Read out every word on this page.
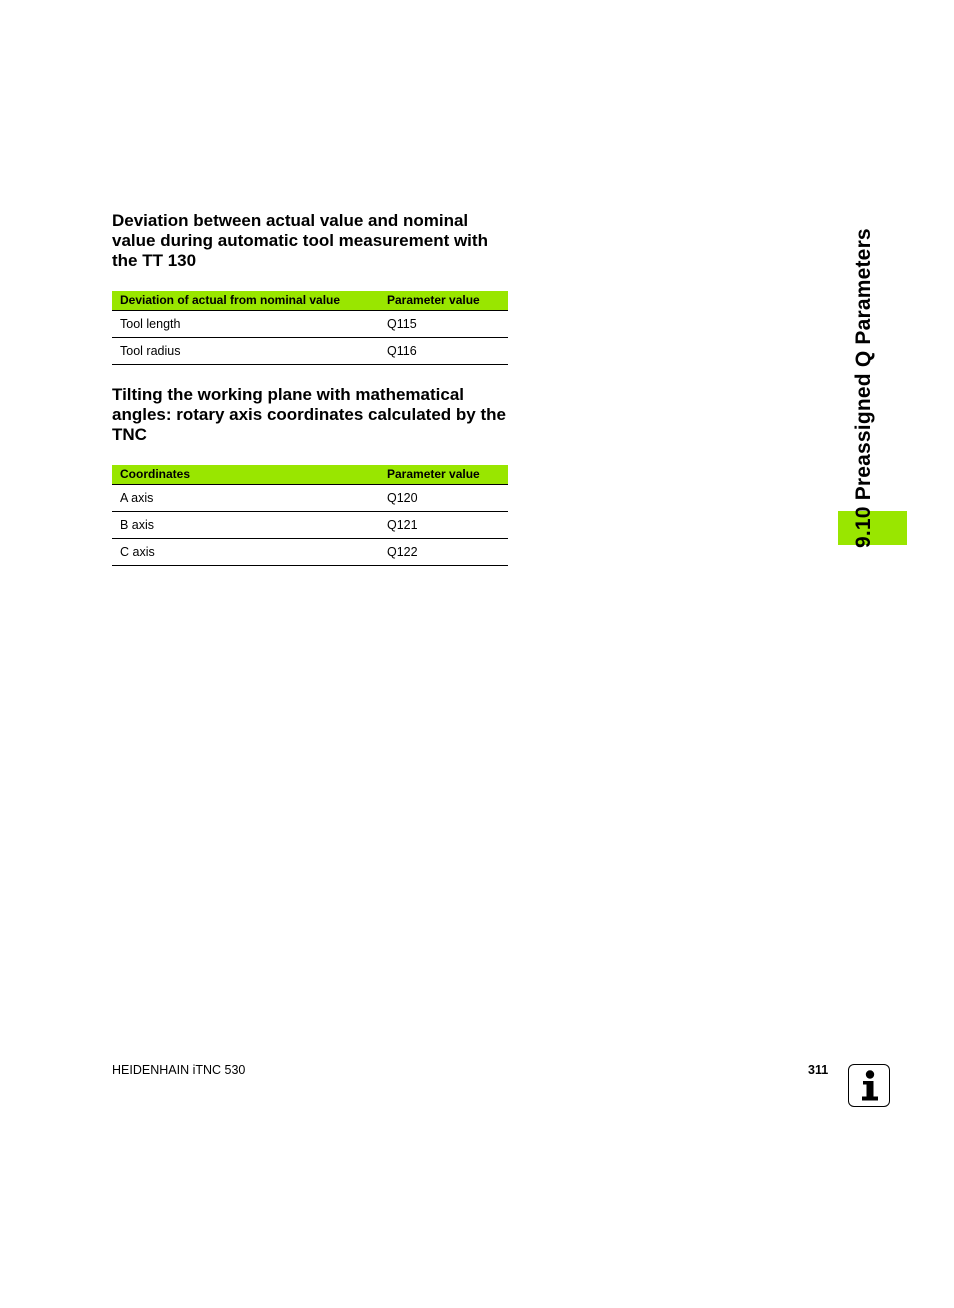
Deviation between actual value and nominal value during automatic tool measurement with the TT 130
Deviation of actual from nominal value	Parameter value
Tool length	Q115
Tool radius	Q116
Tilting the working plane with mathematical angles: rotary axis coordinates calculated by the TNC
Coordinates	Parameter value
A axis	Q120
B axis	Q121
C axis	Q122
9.10 Preassigned Q Parameters
HEIDENHAIN iTNC 530	311
